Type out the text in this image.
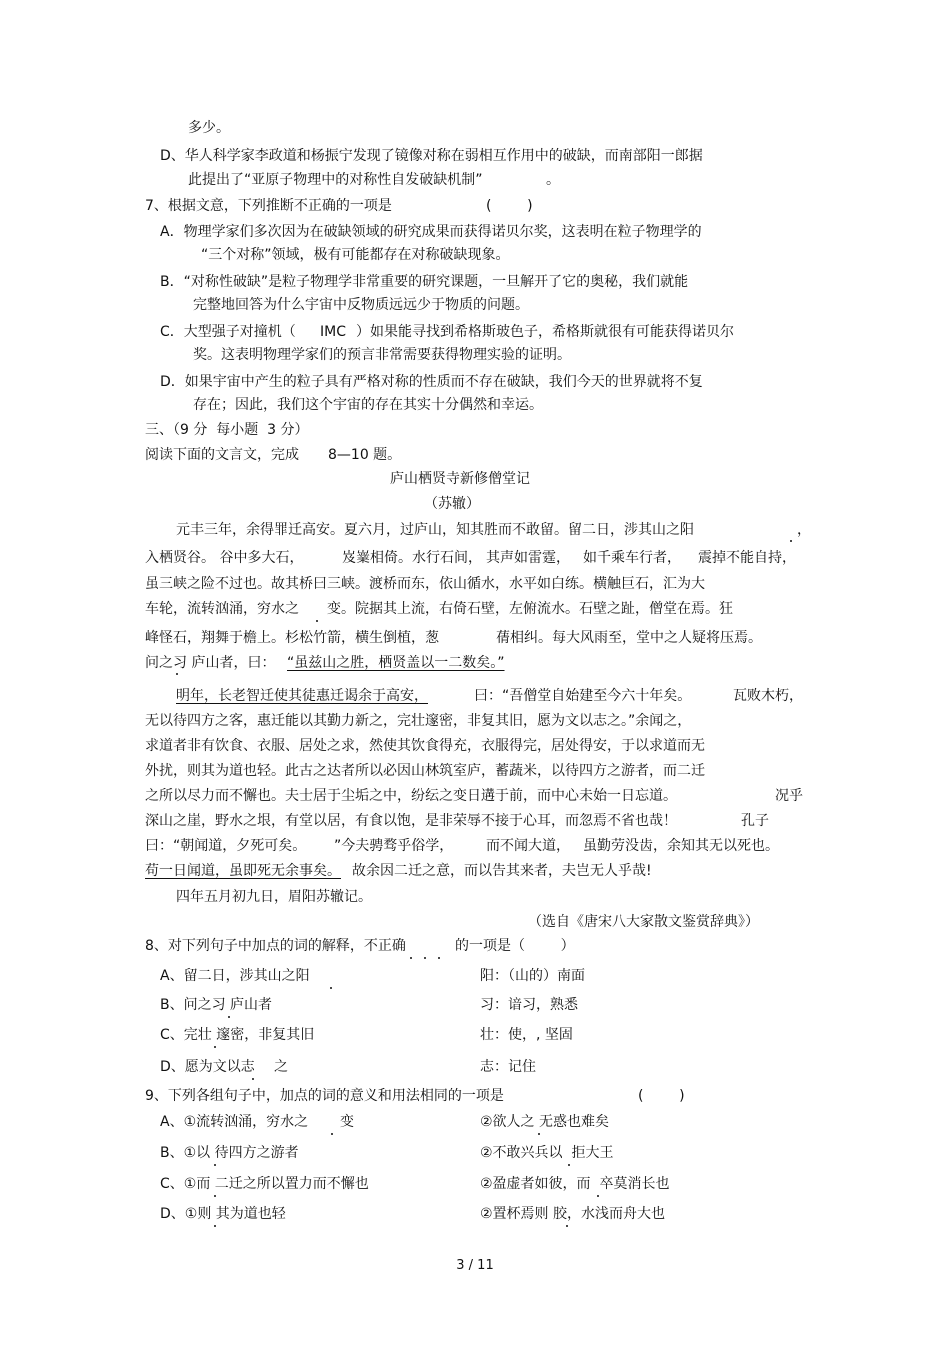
多少。
D、华人科学家李政道和杨振宁发现了镜像对称在弱相互作用中的破缺，而南部阳一郎据
此提出了“亚原子物理中的对称性自发破缺机制”	。
7、根据文意，下列推断不正确的一项是	(        )
A．物理学家们多次因为在破缺领域的研究成果而获得诺贝尔奖，这表明在粒子物理学的
“三个对称”领域，极有可能都存在对称破缺现象。
B．“对称性破缺”是粒子物理学非常重要的研究课题，一旦解开了它的奥秘，我们就能
完整地回答为什么宇宙中反物质远远少于物质的问题。
C．大型强子对撞机（ IMC ）如果能寻找到希格斯玻色子，希格斯就很有可能获得诺贝尔
奖。这表明物理学家们的预言非常需要获得物理实验的证明。
D．如果宇宙中产生的粒子具有严格对称的性质而不存在破缺，我们今天的世界就将不复
存在；因此，我们这个宇宙的存在其实十分偶然和幸运。
三、（9 分  每小题  3 分）
阅读下面的文言文，完成 8—10 题。
庐山栖贤寺新修僧堂记
（苏辙）
元丰三年，余得罪迁高安。夏六月，过庐山，知其胜而不敢留。留二日，涉其山之阳	，
入栖贤谷。 谷中多大石，	岌嶪相倚。水行石间， 其声如雷霆， 如千乘车行者， 震掉不能自持，
虽三峡之险不过也。故其桥曰三峡。渡桥而东，依山循水，水平如白练。横触巨石，汇为大
车轮，流转汹涌，穷水之 变。院据其上流，右倚石壁，左俯流水。石壁之趾，僧堂在焉。狂
峰怪石，翔舞于檐上。杉松竹箭，横生倒植，葱	蒨相纠。每大风雨至，堂中之人疑将压焉。
问之习 庐山者，曰： “虽兹山之胜，栖贤盖以一二数矣。”
明年，长老智迁使其徒惠迁谒余于高安，	曰：“吾僧堂自始建至今六十年矣。	瓦败木朽，
无以待四方之客，惠迁能以其勤力新之，完壮邃密，非复其旧，愿为文以志之。”余闻之，
求道者非有饮食、衣服、居处之求，然使其饮食得充，衣服得完，居处得安，于以求道而无
外扰，则其为道也轻。此古之达者所以必因山林筑室庐，蓄蔬米，以待四方之游者，而二迁
之所以尽力而不懈也。夫士居于尘垢之中，纷纭之变日遘于前，而中心未始一日忘道。	况乎
深山之崖，野水之垠，有堂以居，有食以饱，是非荣辱不接于心耳，而忽焉不省也哉！	孔子
曰：“朝闻道，夕死可矣。 ”今夫骋骛乎俗学， 而不闻大道， 虽勤劳没齿，余知其无以死也。
苟一日闻道，虽即死无余事矣。 故余因二迁之意，而以告其来者，夫岂无人乎哉!
四年五月初九日，眉阳苏辙记。
（选自《唐宋八大家散文鉴赏辞典》）
8、对下列句子中加点的词的解释，不正确	的一项是（        ）
A、留二日，涉其山之阳	阳：（山的）南面
B、问之习 庐山者	习：谙习，熟悉
C、完壮 邃密，非复其旧	壮：使，, 坚固
D、愿为文以志 之	志：记住
9、下列各组句子中，加点的词的意义和用法相同的一项是	(        )
A、①流转汹涌，穷水之 变	②欲人之 无惑也难矣
B、①以 待四方之游者	②不敢兴兵以  拒大王
C、①而 二迁之所以置力而不懈也	②盈虚者如彼，而  卒莫消长也
D、①则 其为道也轻	②置杯焉则 胶，水浅而舟大也
3 / 11
